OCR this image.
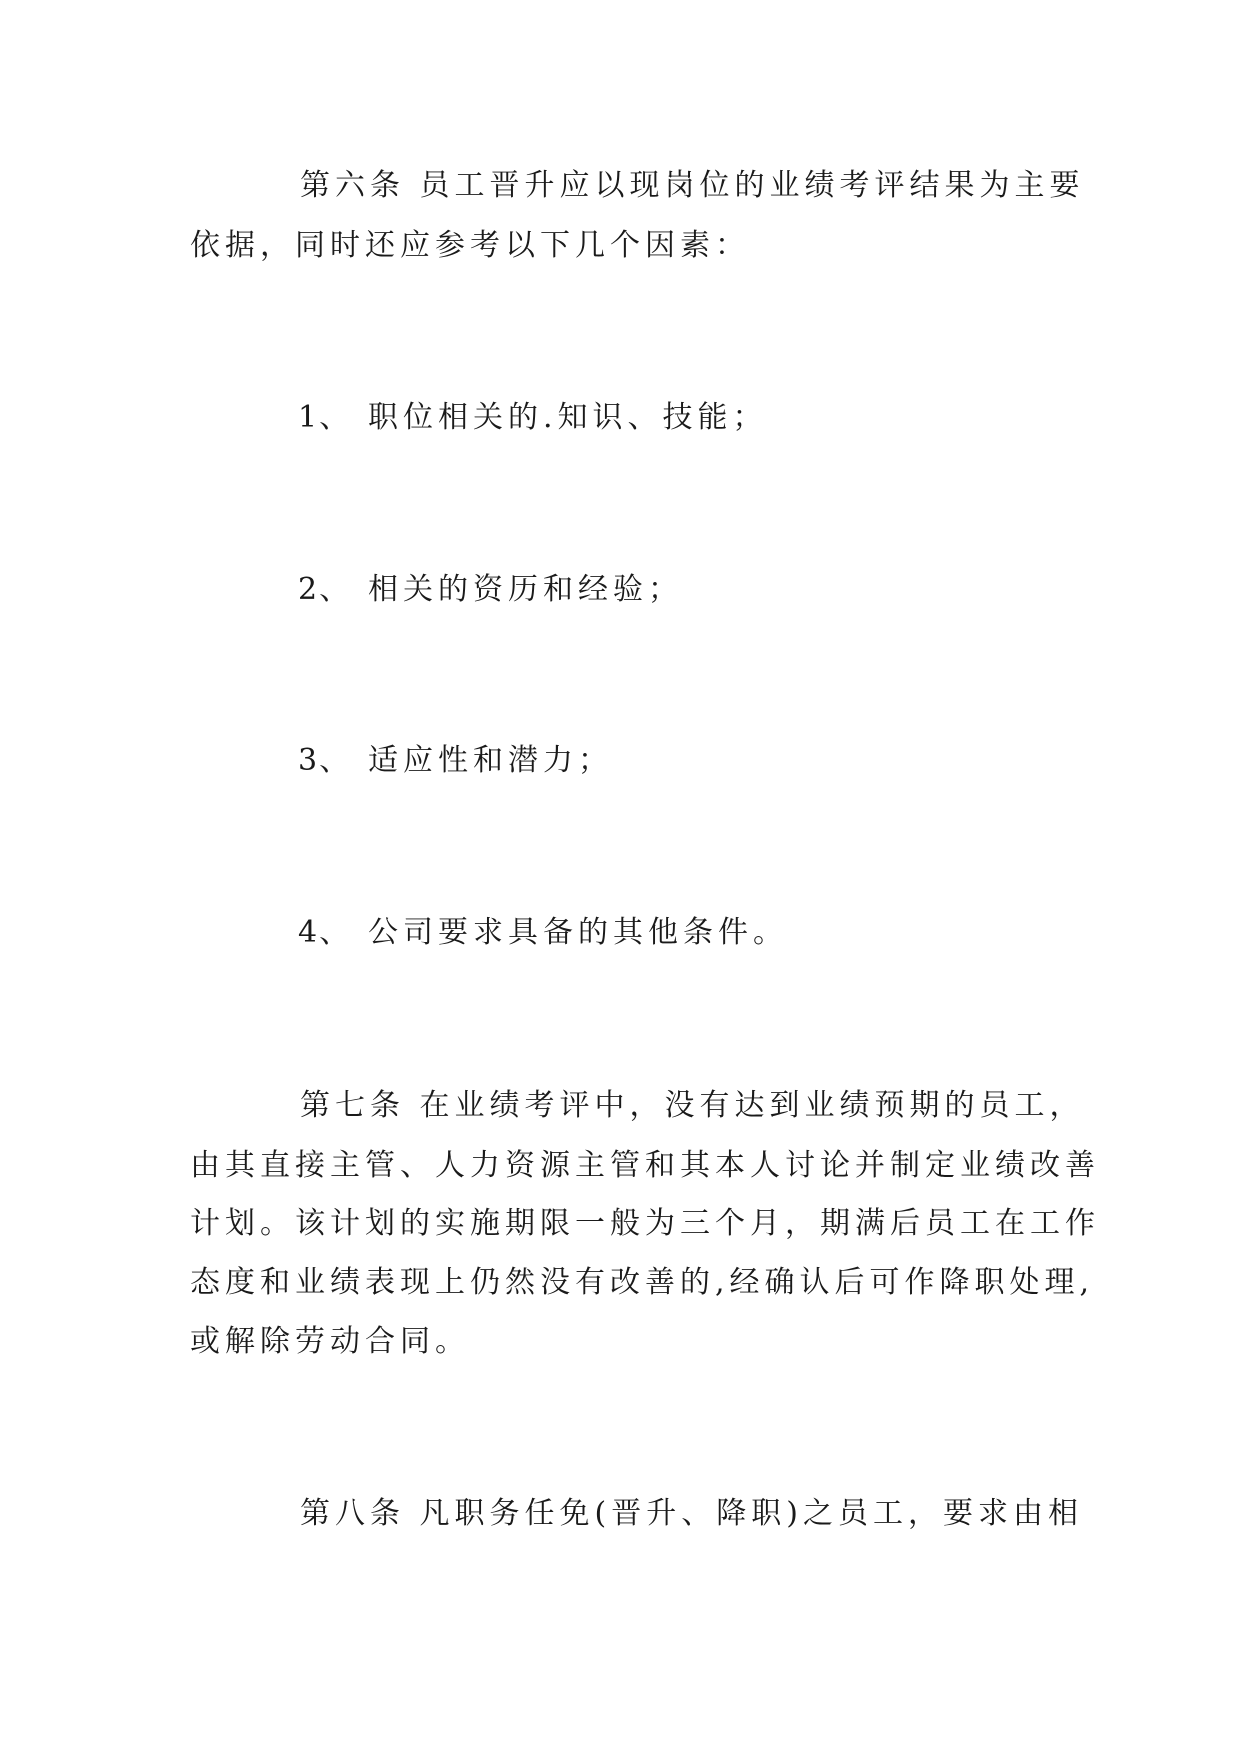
第六条 员工晋升应以现岗位的业绩考评结果为主要
依据，同时还应参考以下几个因素：
1、 职位相关的.知识、技能；
2、 相关的资历和经验；
3、 适应性和潜力；
4、 公司要求具备的其他条件。
第七条 在业绩考评中，没有达到业绩预期的员工，
由其直接主管、人力资源主管和其本人讨论并制定业绩改善
计划。该计划的实施期限一般为三个月，期满后员工在工作
态度和业绩表现上仍然没有改善的,经确认后可作降职处理,
或解除劳动合同。
第八条 凡职务任免(晋升、降职)之员工，要求由相
